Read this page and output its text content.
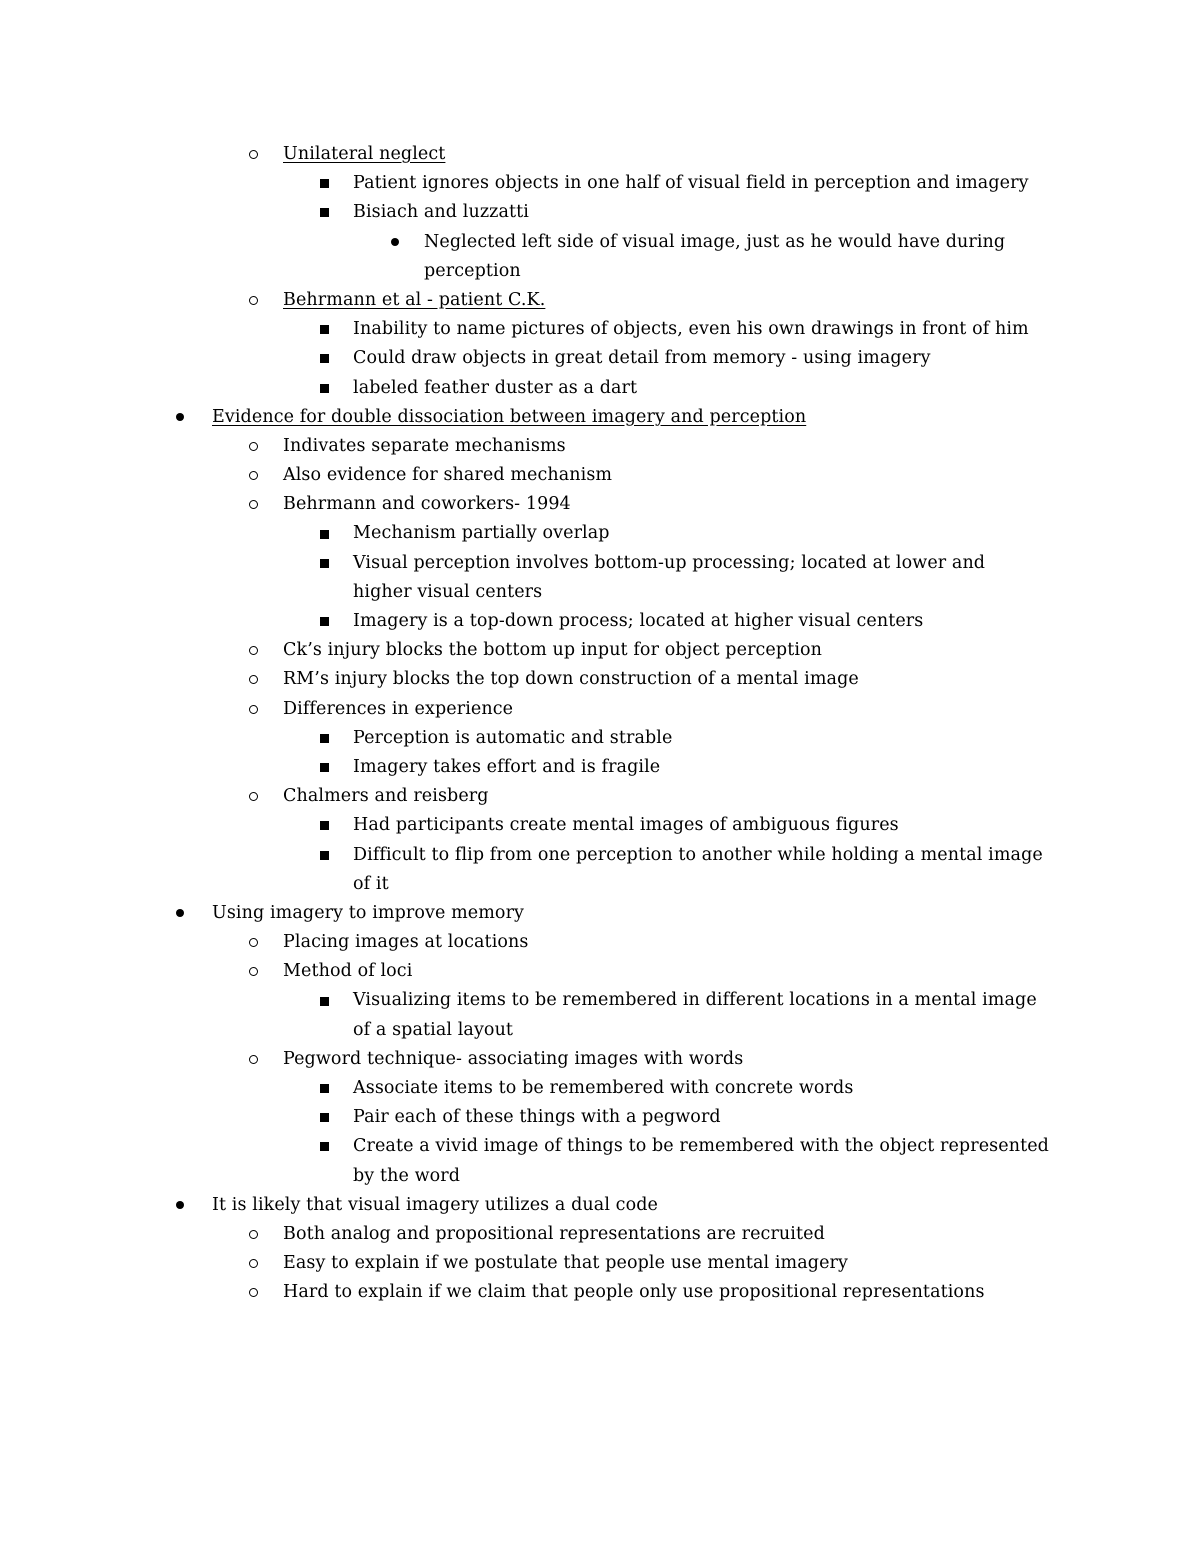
Unilateral neglect
Patient ignores objects in one half of visual field in perception and imagery
Bisiach and luzzatti
Neglected left side of visual image, just as he would have during
perception
Behrmann et al - patient C.K.
Inability to name pictures of objects, even his own drawings in front of him
Could draw objects in great detail from memory - using imagery
labeled feather duster as a dart
Evidence for double dissociation between imagery and perception
Indivates separate mechanisms
Also evidence for shared mechanism
Behrmann and coworkers- 1994
Mechanism partially overlap
Visual perception involves bottom-up processing; located at lower and
higher visual centers
Imagery is a top-down process; located at higher visual centers
Ck’s injury blocks the bottom up input for object perception
RM’s injury blocks the top down construction of a mental image
Differences in experience
Perception is automatic and strable
Imagery takes effort and is fragile
Chalmers and reisberg
Had participants create mental images of ambiguous figures
Difficult to flip from one perception to another while holding a mental image
of it
Using imagery to improve memory
Placing images at locations
Method of loci
Visualizing items to be remembered in different locations in a mental image
of a spatial layout
Pegword technique- associating images with words
Associate items to be remembered with concrete words
Pair each of these things with a pegword
Create a vivid image of things to be remembered with the object represented
by the word
It is likely that visual imagery utilizes a dual code
Both analog and propositional representations are recruited
Easy to explain if we postulate that people use mental imagery
Hard to explain if we claim that people only use propositional representations
